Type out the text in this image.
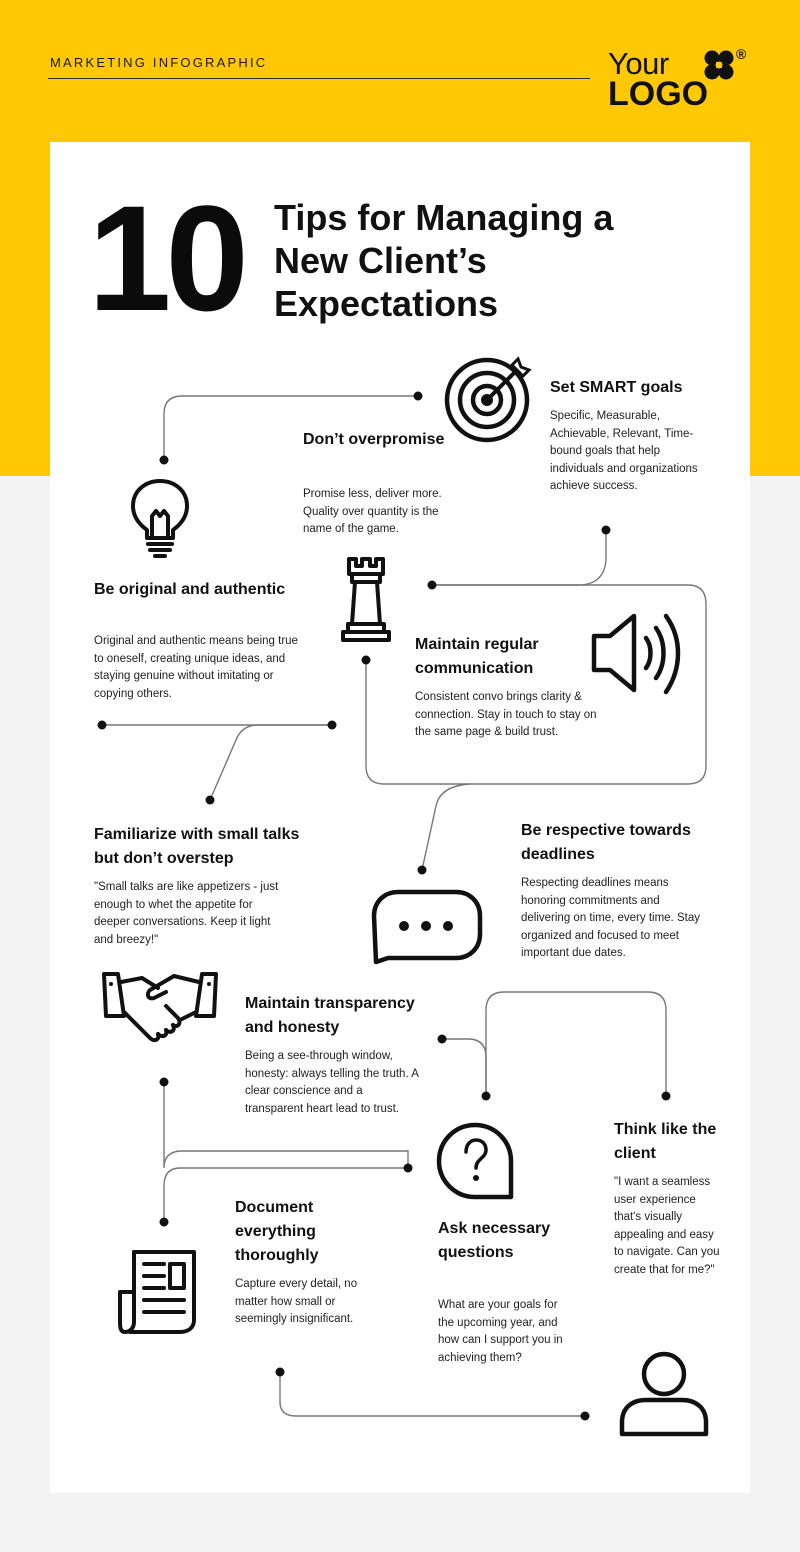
MARKETING INFOGRAPHIC	Your
LOGO
®
10 Tips for Managing a New Client’s Expectations
Set SMART goals
Specific, Measurable, Achievable, Relevant, Time-bound goals that help individuals and organizations achieve success.
Don’t overpromise
Promise less, deliver more. Quality over quantity is the name of the game.
Be original and authentic
Original and authentic means being true to oneself, creating unique ideas, and staying genuine without imitating or copying others.
Maintain regular communication
Consistent convo brings clarity & connection. Stay in touch to stay on the same page & build trust.
Familiarize with small talks but don’t overstep
"Small talks are like appetizers - just enough to whet the appetite for deeper conversations. Keep it light and breezy!"
Be respective towards deadlines
Respecting deadlines means honoring commitments and delivering on time, every time. Stay organized and focused to meet important due dates.
Maintain transparency and honesty
Being a see-through window, honesty: always telling the truth. A clear conscience and a transparent heart lead to trust.
Think like the client
"I want a seamless user experience that's visually appealing and easy to navigate. Can you create that for me?"
Document everything thoroughly
Capture every detail, no matter how small or seemingly insignificant.
Ask necessary questions
What are your goals for the upcoming year, and how can I support you in achieving them?
